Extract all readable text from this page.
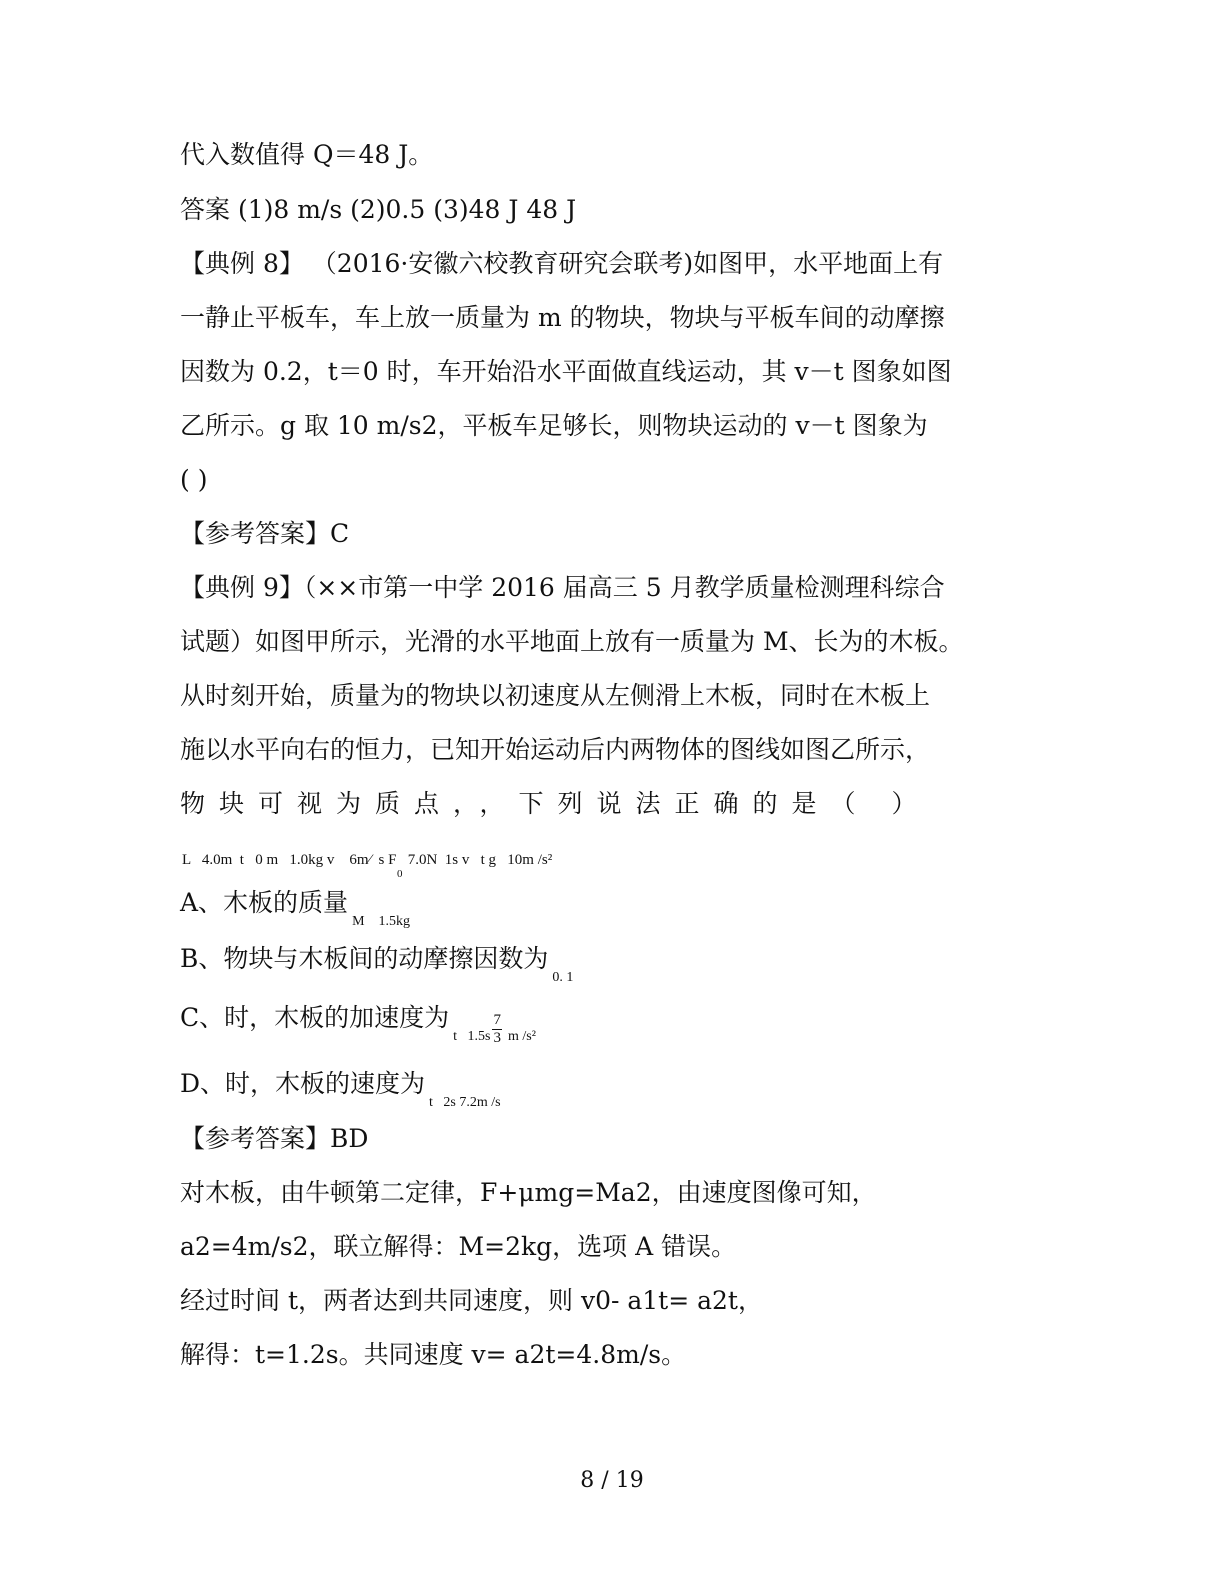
代入数值得 Q＝48 J。
答案 (1)8 m/s (2)0.5 (3)48 J 48 J
【典例 8】 （2016·安徽六校教育研究会联考)如图甲，水平地面上有
一静止平板车，车上放一质量为 m 的物块，物块与平板车间的动摩擦
因数为 0.2，t＝0 时，车开始沿水平面做直线运动，其 v－t 图象如图
乙所示。g 取 10 m/s2，平板车足够长，则物块运动的 v－t 图象为
( )
【参考答案】C
【典例 9】（××市第一中学 2016 届高三 5 月教学质量检测理科综合
试题）如图甲所示，光滑的水平地面上放有一质量为 M、长为的木板。
从时刻开始，质量为的物块以初速度从左侧滑上木板，同时在木板上
施以水平向右的恒力，已知开始运动后内两物体的图线如图乙所示，
物块可视为质点，，下列说法正确的是（ ）
L   4.0m  t   0 m   1.0kg v    6m⁄  s F   7.0N  1s v   t g   10m /s²
0
A、木板的质量$_{M 1.5kg}$
B、物块与木板间的动摩擦因数为$_{0. 1}$
C、时，木板的加速度为$_{t 1.5s} \frac{7}{3} _{m /s^2}$
D、时，木板的速度为$_{t 2s 7.2m /s}$
【参考答案】BD
对木板，由牛顿第二定律，F+μmg=Ma2，由速度图像可知，
a2=4m/s2，联立解得：M=2kg，选项 A 错误。
经过时间 t，两者达到共同速度，则 v0- a1t= a2t，
解得：t=1.2s。共同速度 v= a2t=4.8m/s。
8 / 19
